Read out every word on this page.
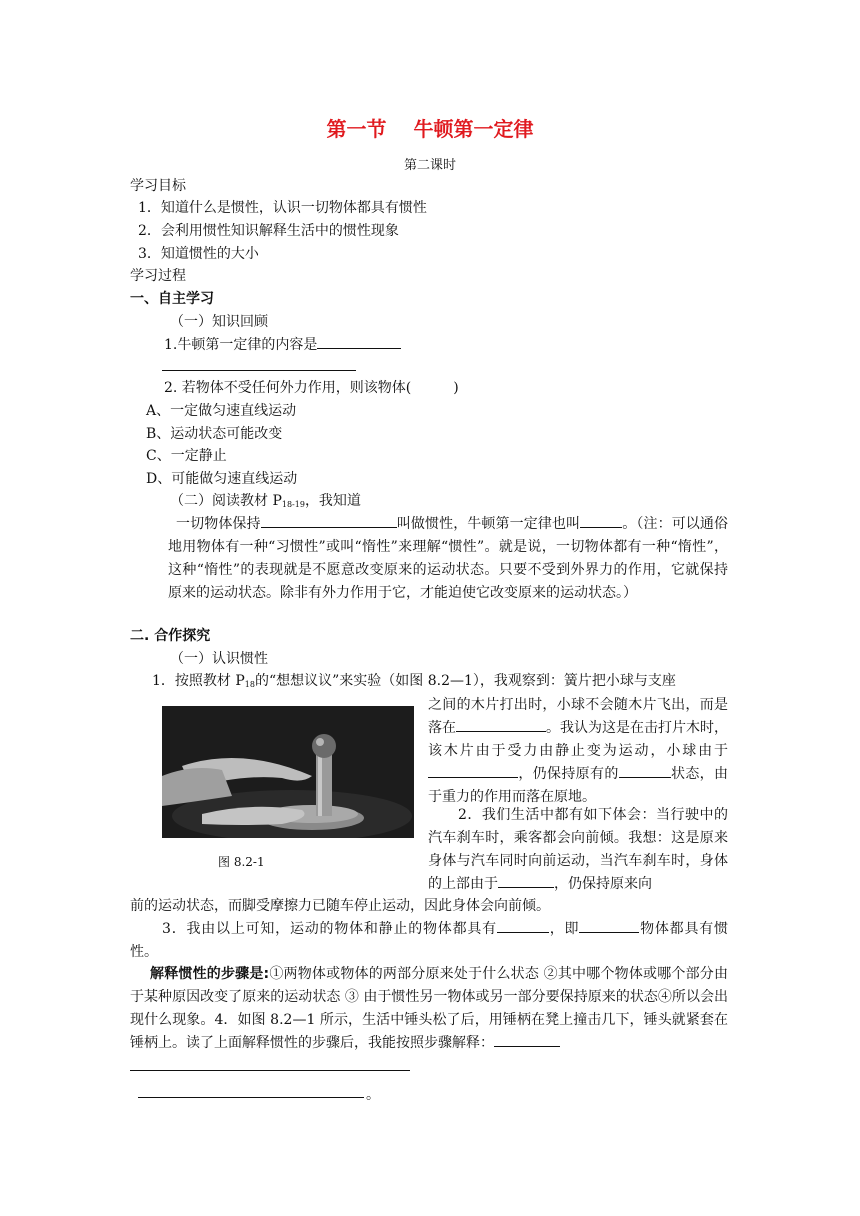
第一节　 牛顿第一定律
第二课时
学习目标
1．知道什么是惯性，认识一切物体都具有惯性
2．会利用惯性知识解释生活中的惯性现象
3．知道惯性的大小
学习过程
一、自主学习
（一）知识回顾
1.牛顿第一定律的内容是
2. 若物体不受任何外力作用，则该物体(　　　)
A、一定做匀速直线运动
B、运动状态可能改变
C、一定静止
D、可能做匀速直线运动
（二）阅读教材 $P_{18-19}$，我知道
一切物体保持	叫做惯性，牛顿第一定律也叫	。（注：可以通俗地用物体有一种“习惯性”或叫“惰性”来理解“惯性”。就是说，一切物体都有一种“惰性”，这种“惰性”的表现就是不愿意改变原来的运动状态。只要不受到外界力的作用，它就保持原来的运动状态。除非有外力作用于它，才能迫使它改变原来的运动状态。）
二. 合作探究
（一）认识惯性
1．按照教材 $P_{18}$的“想想议议”来实验（如图 8.2—1），我观察到：簧片把小球与支座
之间的木片打出时，小球不会随木片飞出，而是落在	。我认为这是在击打片木时，该木片由于受力由静止变为运动，小球由于，仍保持原有的	状态，由于重力的作用而落在原地。
图 8.2-1
2．我们生活中都有如下体会：当行驶中的汽车刹车时，乘客都会向前倾。我想：这是原来身体与汽车同时向前运动，当汽车刹车时，身体的上部由于	，仍保持原来向
前的运动状态，而脚受摩擦力已随车停止运动，因此身体会向前倾。
3．我由以上可知，运动的物体和静止的物体都具有	，即	物体都具有惯性。
解释惯性的步骤是:①两物体或物体的两部分原来处于什么状态 ②其中哪个物体或哪个部分由于某种原因改变了原来的运动状态 ③ 由于惯性另一物体或另一部分要保持原来的状态④所以会出现什么现象。4．如图 8.2—1 所示，生活中锤头松了后，用锤柄在凳上撞击几下，锤头就紧套在锤柄上。读了上面解释惯性的步骤后，我能按照步骤解释：
。
